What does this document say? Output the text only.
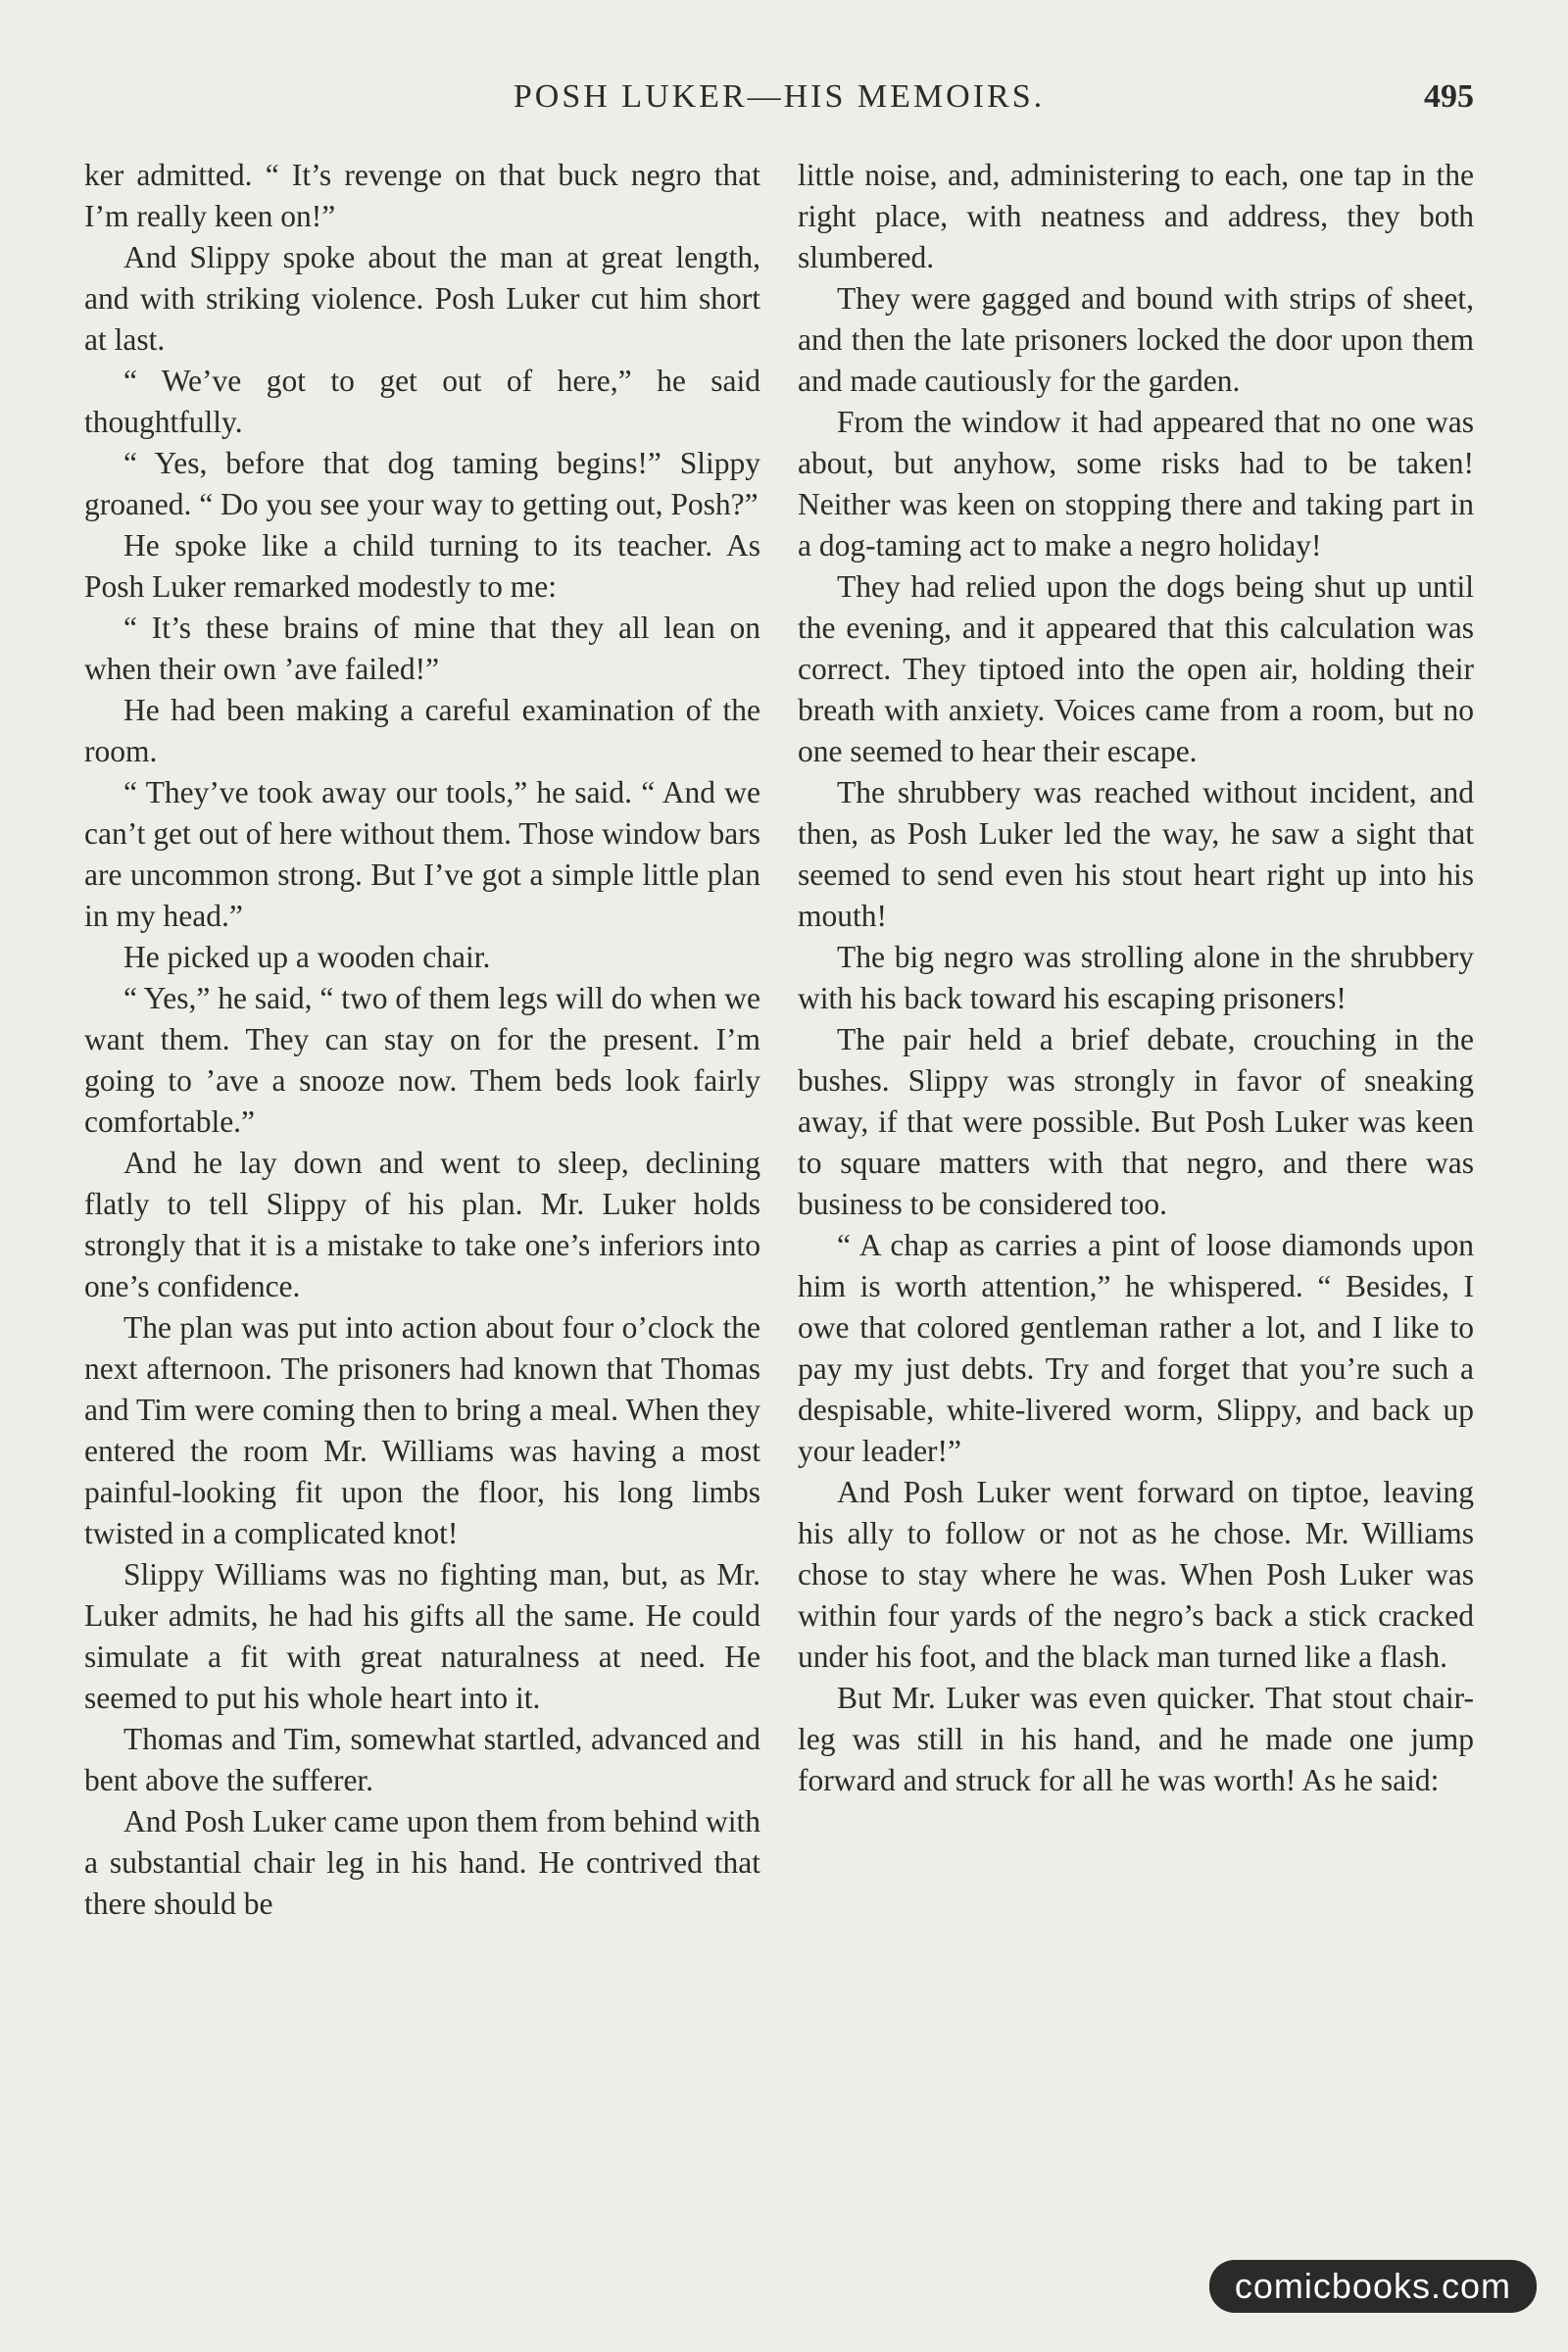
POSH LUKER—HIS MEMOIRS.	495

ker admitted. “ It’s revenge on that buck negro that I’m really keen on!”

And Slippy spoke about the man at great length, and with striking violence. Posh Luker cut him short at last.

“ We’ve got to get out of here,” he said thoughtfully.

“ Yes, before that dog taming begins!” Slippy groaned. “ Do you see your way to getting out, Posh?”

He spoke like a child turning to its teacher. As Posh Luker remarked modestly to me:

“ It’s these brains of mine that they all lean on when their own ’ave failed!”

He had been making a careful examination of the room.

“ They’ve took away our tools,” he said. “ And we can’t get out of here without them. Those window bars are uncommon strong. But I’ve got a simple little plan in my head.”

He picked up a wooden chair.

“ Yes,” he said, “ two of them legs will do when we want them. They can stay on for the present. I’m going to ’ave a snooze now. Them beds look fairly comfortable.”

And he lay down and went to sleep, declining flatly to tell Slippy of his plan. Mr. Luker holds strongly that it is a mistake to take one’s inferiors into one’s confidence.

The plan was put into action about four o’clock the next afternoon. The prisoners had known that Thomas and Tim were coming then to bring a meal. When they entered the room Mr. Williams was having a most painful-looking fit upon the floor, his long limbs twisted in a complicated knot!

Slippy Williams was no fighting man, but, as Mr. Luker admits, he had his gifts all the same. He could simulate a fit with great naturalness at need. He seemed to put his whole heart into it.

Thomas and Tim, somewhat startled, advanced and bent above the sufferer.

And Posh Luker came upon them from behind with a substantial chair leg in his hand. He contrived that there should be

little noise, and, administering to each, one tap in the right place, with neatness and address, they both slumbered.

They were gagged and bound with strips of sheet, and then the late prisoners locked the door upon them and made cautiously for the garden.

From the window it had appeared that no one was about, but anyhow, some risks had to be taken! Neither was keen on stopping there and taking part in a dog-taming act to make a negro holiday!

They had relied upon the dogs being shut up until the evening, and it appeared that this calculation was correct. They tiptoed into the open air, holding their breath with anxiety. Voices came from a room, but no one seemed to hear their escape.

The shrubbery was reached without incident, and then, as Posh Luker led the way, he saw a sight that seemed to send even his stout heart right up into his mouth!

The big negro was strolling alone in the shrubbery with his back toward his escaping prisoners!

The pair held a brief debate, crouching in the bushes. Slippy was strongly in favor of sneaking away, if that were possible. But Posh Luker was keen to square matters with that negro, and there was business to be considered too.

“ A chap as carries a pint of loose diamonds upon him is worth attention,” he whispered. “ Besides, I owe that colored gentleman rather a lot, and I like to pay my just debts. Try and forget that you’re such a despisable, white-livered worm, Slippy, and back up your leader!”

And Posh Luker went forward on tiptoe, leaving his ally to follow or not as he chose. Mr. Williams chose to stay where he was. When Posh Luker was within four yards of the negro’s back a stick cracked under his foot, and the black man turned like a flash.

But Mr. Luker was even quicker. That stout chair-leg was still in his hand, and he made one jump forward and struck for all he was worth! As he said:

comicbooks.com
